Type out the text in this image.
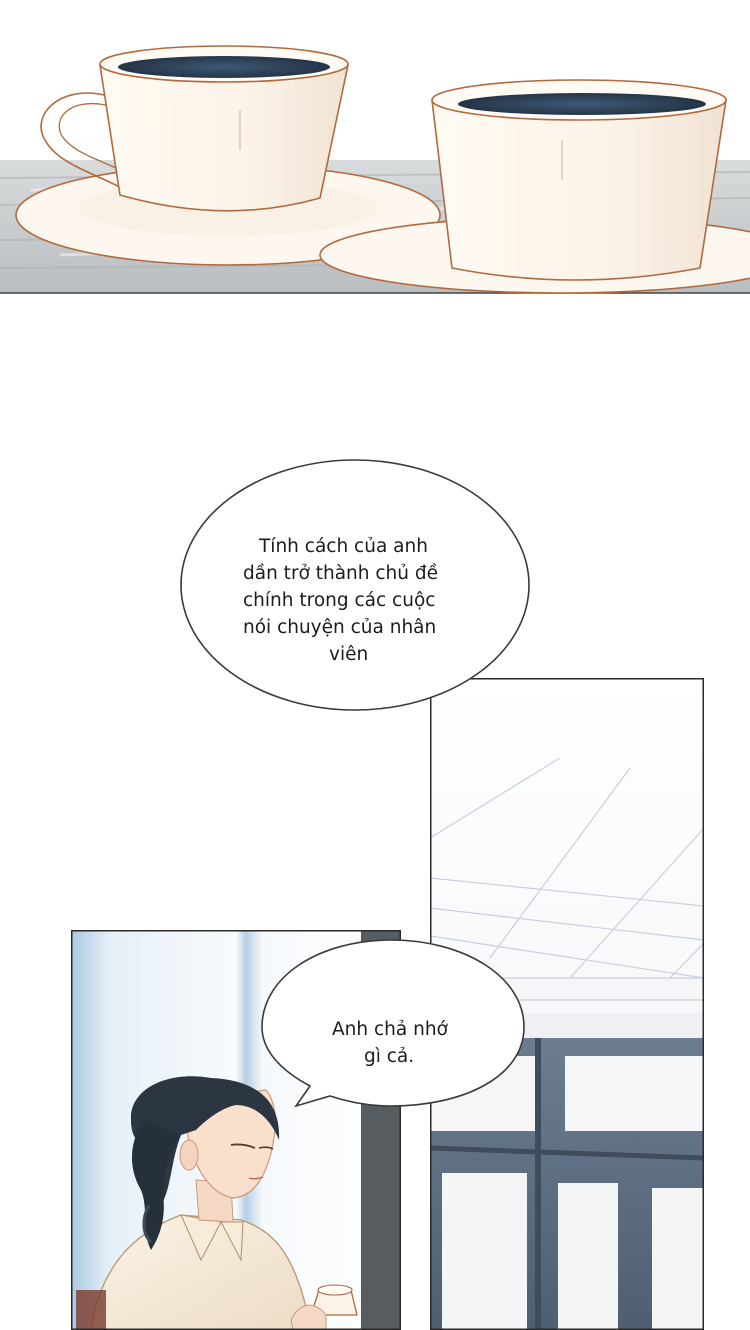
Tính cách của anh
dần trở thành chủ đề
chính trong các cuộc
nói chuyện của nhân
viên
Anh chả nhớ
gì cả.
